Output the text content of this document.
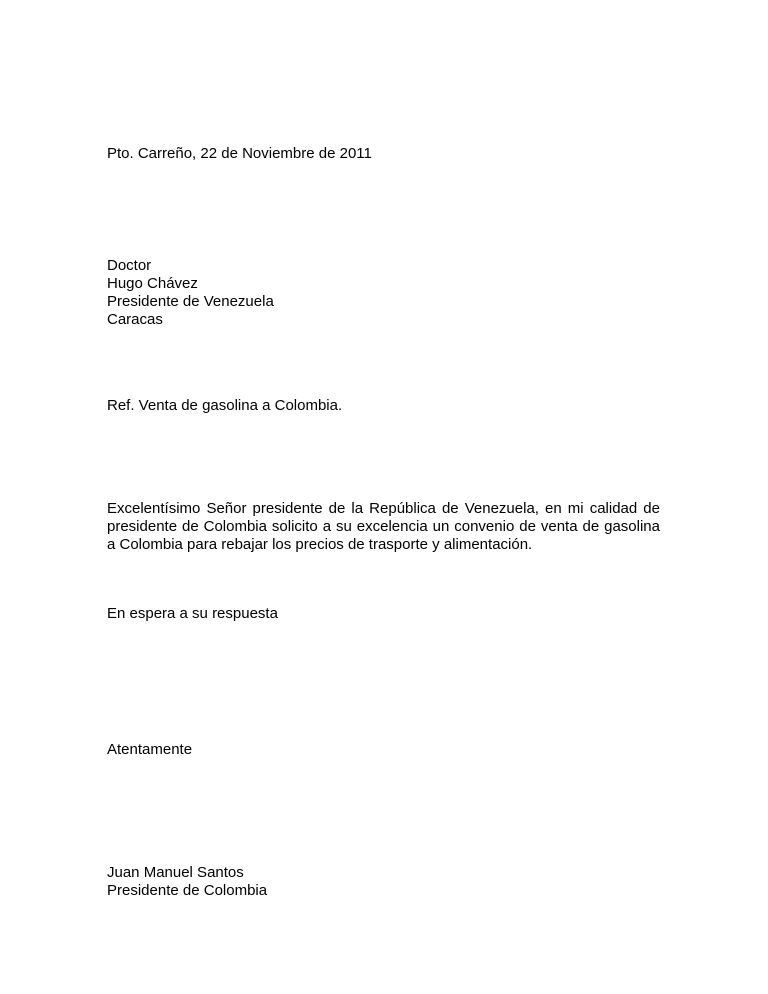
Pto. Carreño, 22 de Noviembre de 2011
Doctor
Hugo Chávez
Presidente de Venezuela
Caracas
Ref. Venta de gasolina a Colombia.
Excelentísimo Señor presidente de la República de Venezuela, en mi calidad de
presidente de Colombia solicito a su excelencia un convenio de venta de gasolina
a Colombia para rebajar los precios de trasporte y alimentación.
En espera a su respuesta
Atentamente
Juan Manuel Santos
Presidente de Colombia
